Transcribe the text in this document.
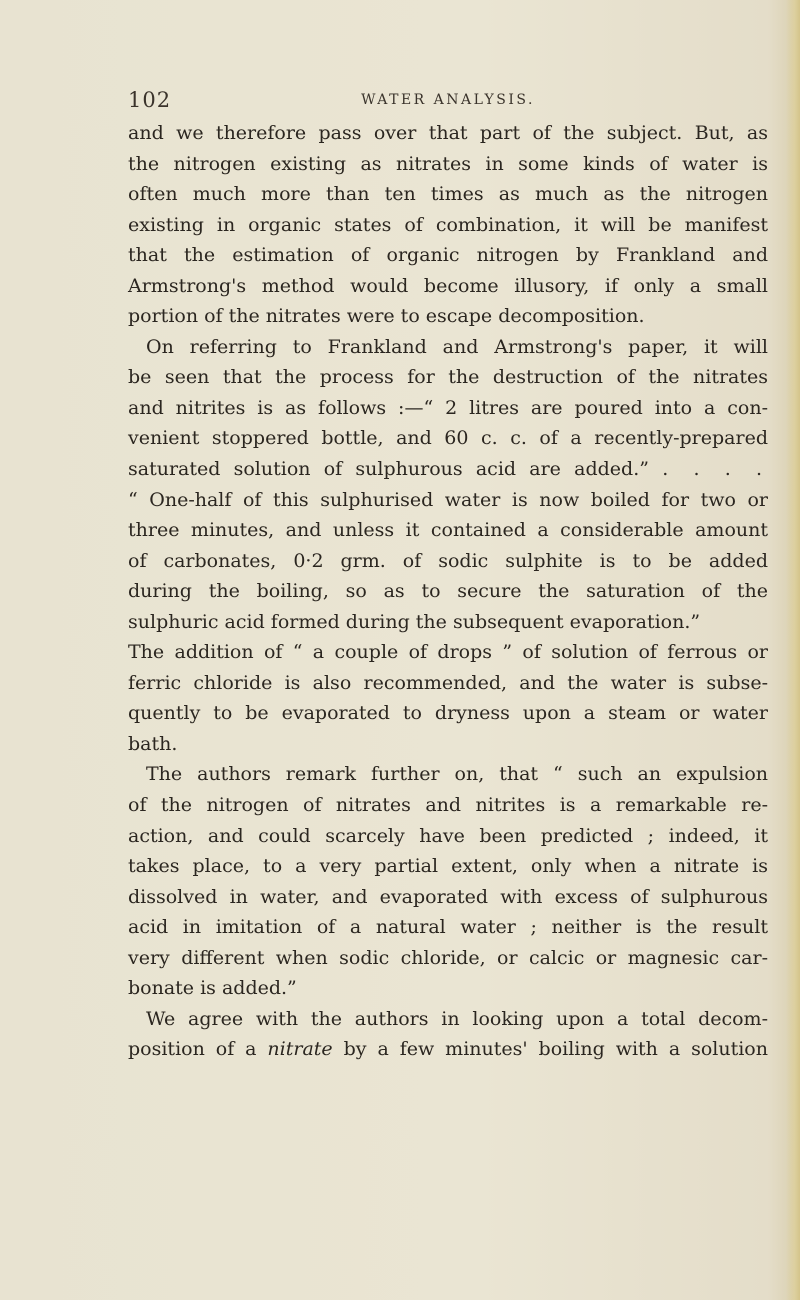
102	WATER ANALYSIS.
and we therefore pass over that part of the subject. But, as
the nitrogen existing as nitrates in some kinds of water is
often much more than ten times as much as the nitrogen
existing in organic states of combination, it will be manifest
that the estimation of organic nitrogen by Frankland and
Armstrong's method would become illusory, if only a small
portion of the nitrates were to escape decomposition.
On referring to Frankland and Armstrong's paper, it will
be seen that the process for the destruction of the nitrates
and nitrites is as follows :—“ 2 litres are poured into a con-
venient stoppered bottle, and 60 c. c. of a recently-prepared
saturated solution of sulphurous acid are added.” . . . .
“ One-half of this sulphurised water is now boiled for two or
three minutes, and unless it contained a considerable amount
of carbonates, 0·2 grm. of sodic sulphite is to be added
during the boiling, so as to secure the saturation of the
sulphuric acid formed during the subsequent evaporation.”
The addition of “ a couple of drops ” of solution of ferrous or
ferric chloride is also recommended, and the water is subse-
quently to be evaporated to dryness upon a steam or water
bath.
The authors remark further on, that “ such an expulsion
of the nitrogen of nitrates and nitrites is a remarkable re-
action, and could scarcely have been predicted ; indeed, it
takes place, to a very partial extent, only when a nitrate is
dissolved in water, and evaporated with excess of sulphurous
acid in imitation of a natural water ; neither is the result
very different when sodic chloride, or calcic or magnesic car-
bonate is added.”
We agree with the authors in looking upon a total decom-
position of a nitrate by a few minutes' boiling with a solution
